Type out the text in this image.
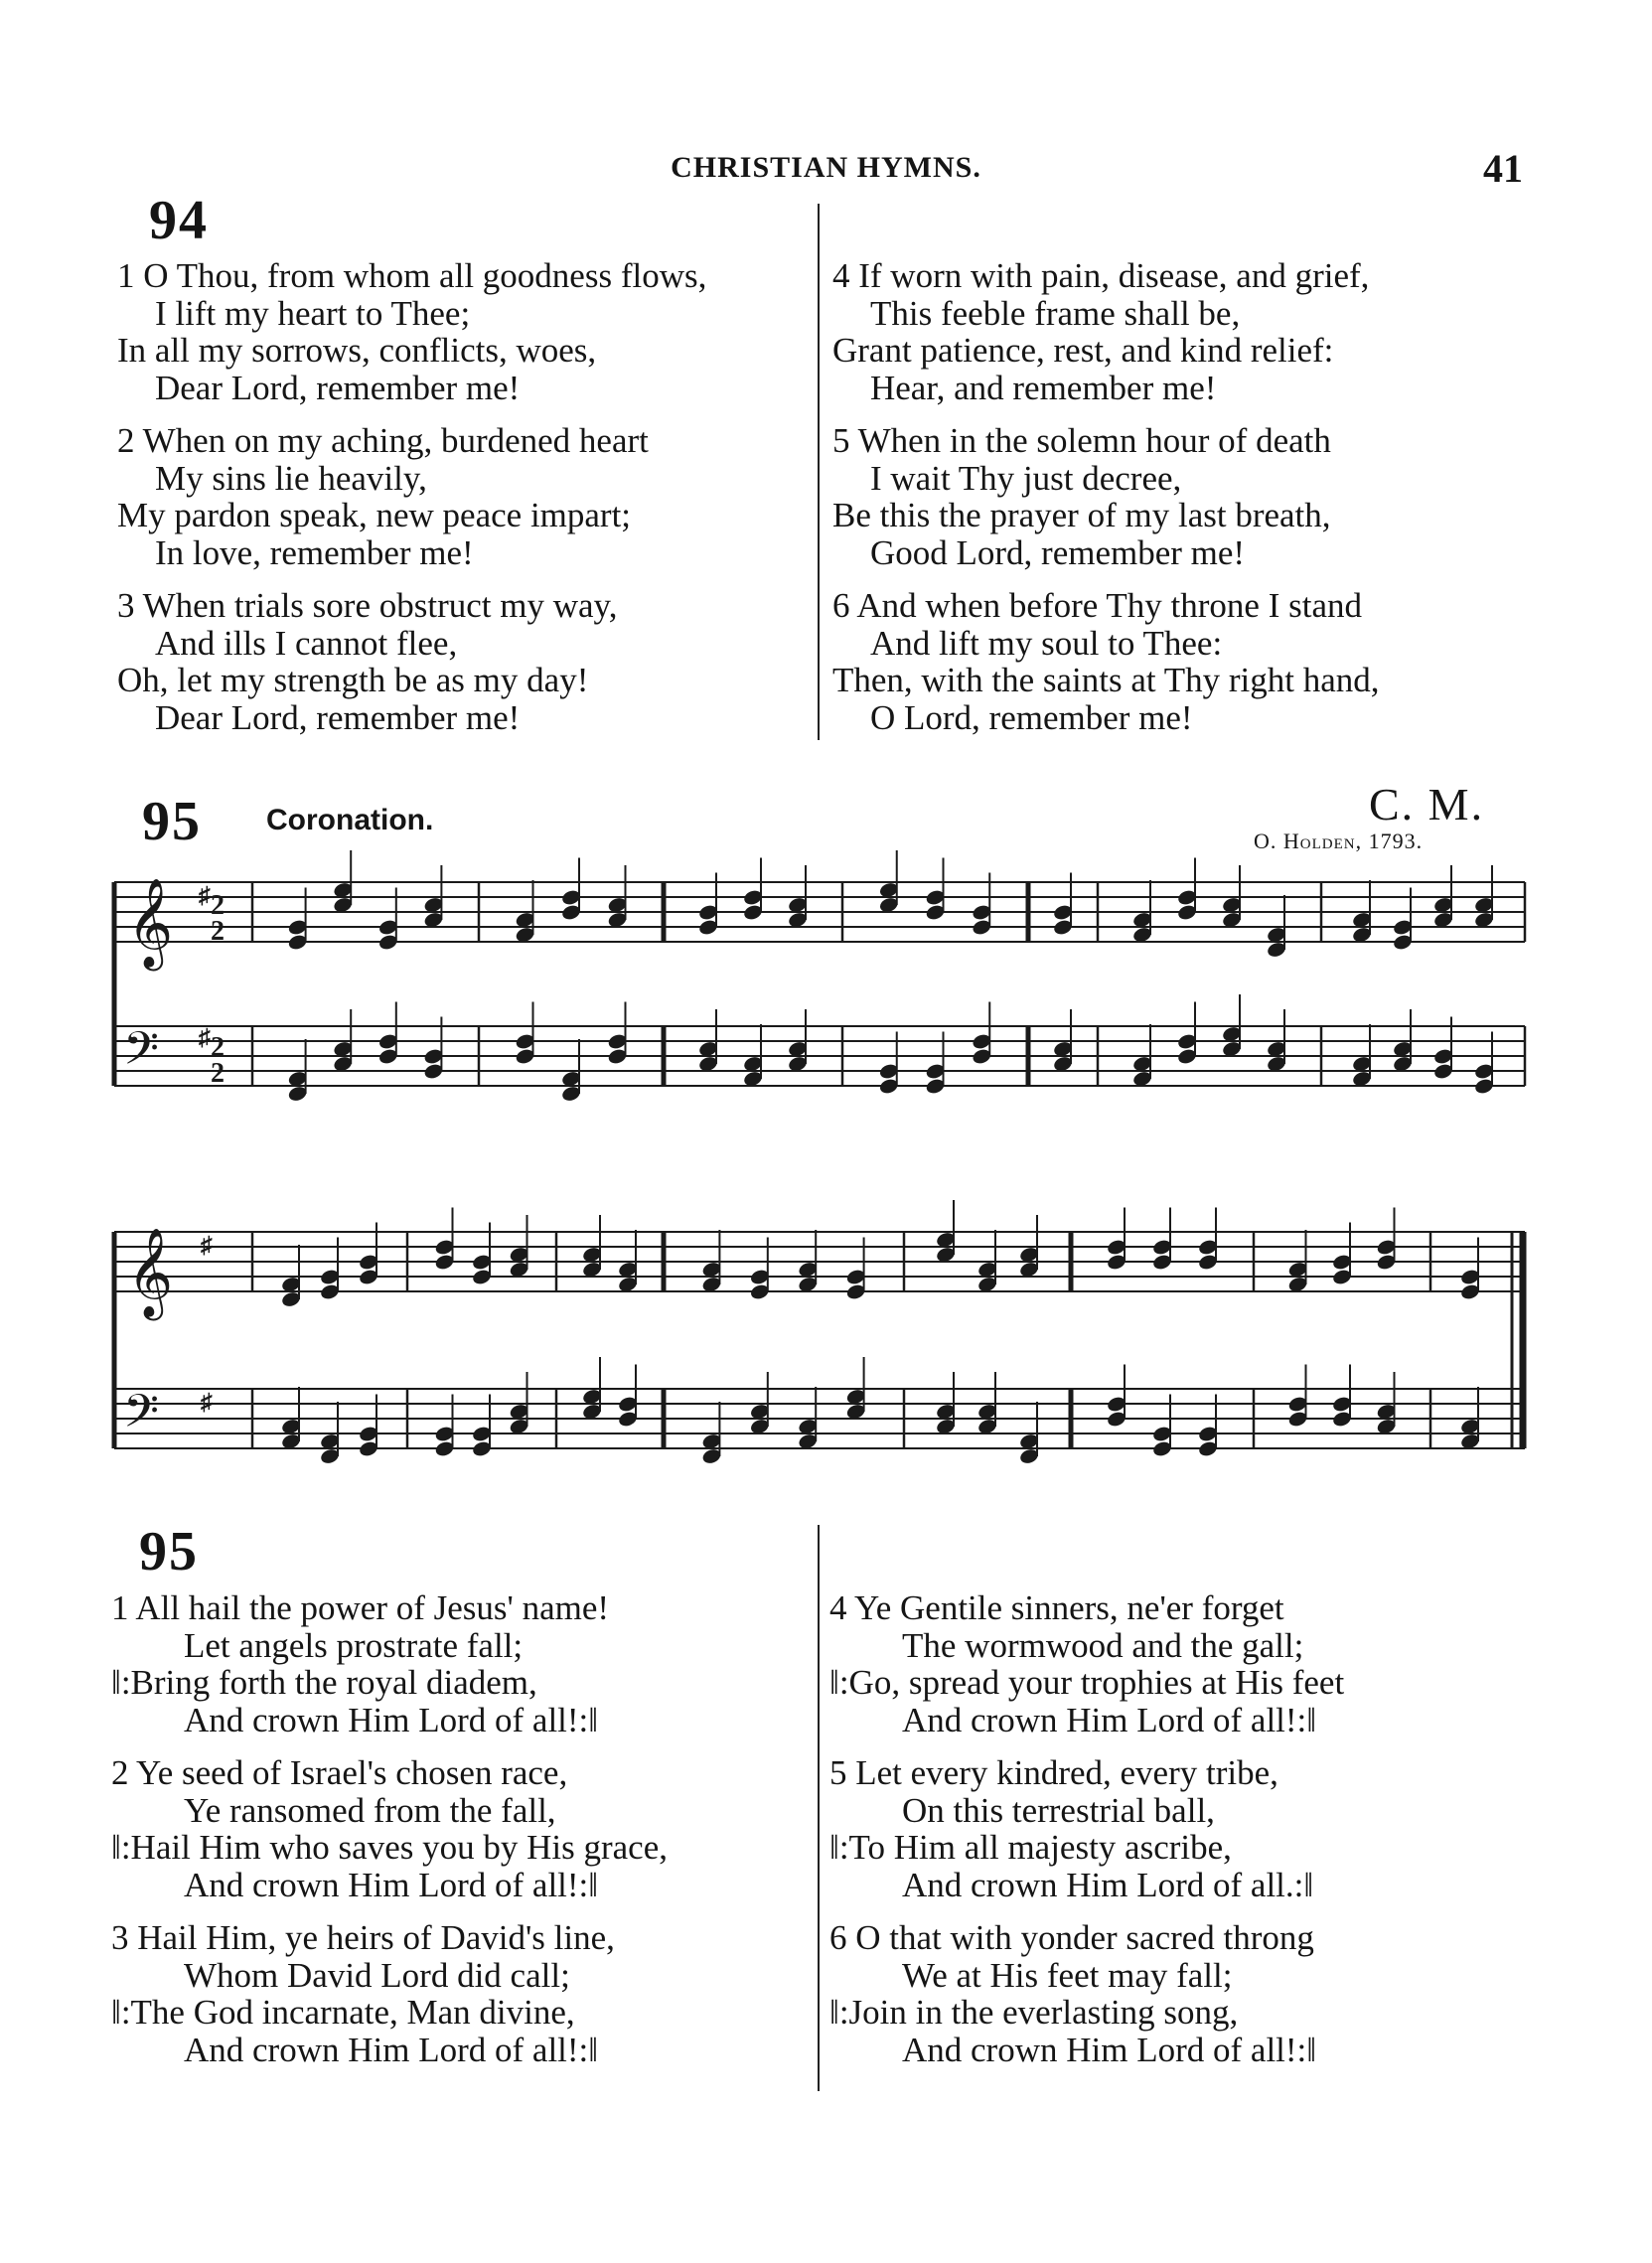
CHRISTIAN HYMNS.	41
94
1 O Thou, from whom all goodness flows,
I lift my heart to Thee;
In all my sorrows, conflicts, woes,
Dear Lord, remember me!
2 When on my aching, burdened heart
My sins lie heavily,
My pardon speak, new peace impart;
In love, remember me!
3 When trials sore obstruct my way,
And ills I cannot flee,
Oh, let my strength be as my day!
Dear Lord, remember me!
4 If worn with pain, disease, and grief,
This feeble frame shall be,
Grant patience, rest, and kind relief:
Hear, and remember me!
5 When in the solemn hour of death
I wait Thy just decree,
Be this the prayer of my last breath,
Good Lord, remember me!
6 And when before Thy throne I stand
And lift my soul to Thee:
Then, with the saints at Thy right hand,
O Lord, remember me!
95 Coronation.	C. M.
O. Holden, 1793.
𝄞
𝄢
♯ 2
2
♯ 2
2
𝄞
𝄢
♯
♯
95
1 All hail the power of Jesus' name!
Let angels prostrate fall;
‖:Bring forth the royal diadem,
And crown Him Lord of all!:‖
2 Ye seed of Israel's chosen race,
Ye ransomed from the fall,
‖:Hail Him who saves you by His grace,
And crown Him Lord of all!:‖
3 Hail Him, ye heirs of David's line,
Whom David Lord did call;
‖:The God incarnate, Man divine,
And crown Him Lord of all!:‖
4 Ye Gentile sinners, ne'er forget
The wormwood and the gall;
‖:Go, spread your trophies at His feet
And crown Him Lord of all!:‖
5 Let every kindred, every tribe,
On this terrestrial ball,
‖:To Him all majesty ascribe,
And crown Him Lord of all.:‖
6 O that with yonder sacred throng
We at His feet may fall;
‖:Join in the everlasting song,
And crown Him Lord of all!:‖
